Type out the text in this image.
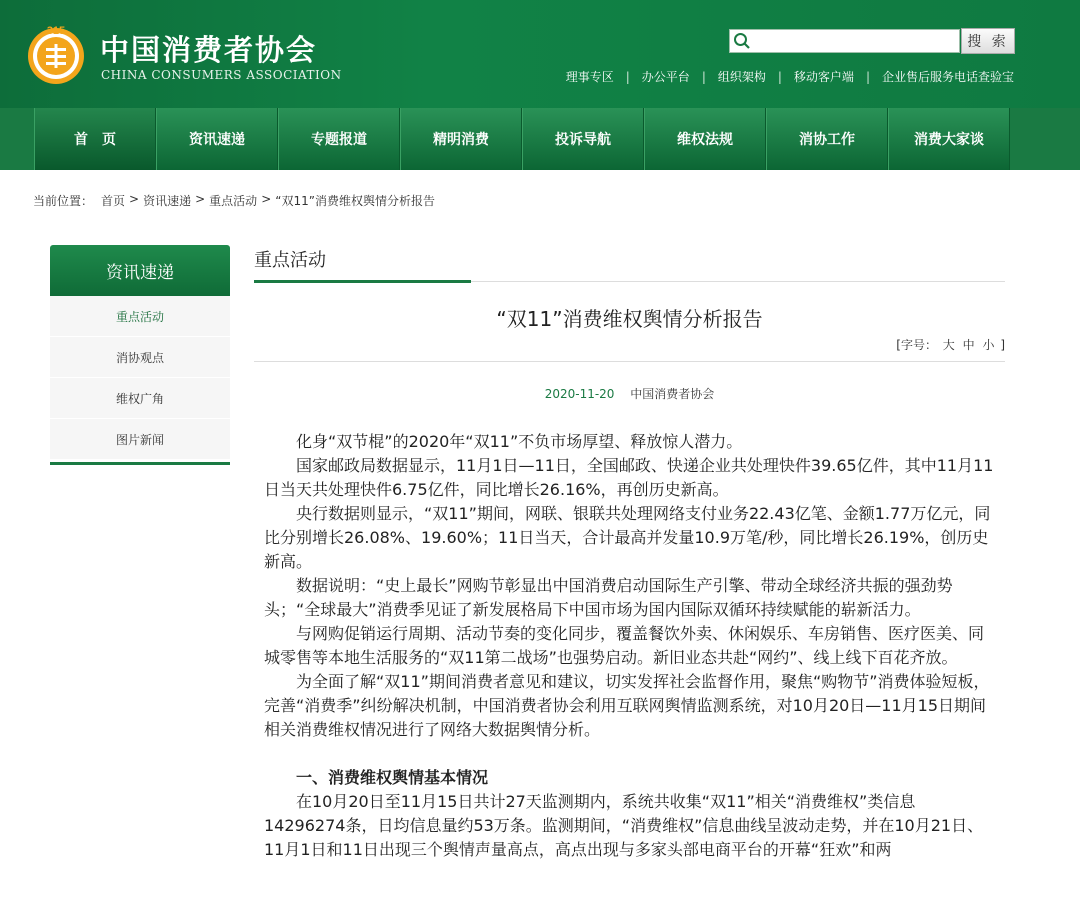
315
中国消费者协会
CHINA CONSUMERS ASSOCIATION
搜 索
理事专区 | 办公平台 | 组织架构 | 移动客户端 | 企业售后服务电话查验宝
首页	资讯速递	专题报道	精明消费	投诉导航	维权法规	消协工作	消费大家谈
当前位置： 首页 > 资讯速递 > 重点活动 > “双11”消费维权舆情分析报告
资讯速递
重点活动
消协观点
维权广角
图片新闻
重点活动
“双11”消费维权舆情分析报告
[字号： 大 中 小 ]
2020-11-20 中国消费者协会

化身“双节棍”的2020年“双11”不负市场厚望、释放惊人潜力。

国家邮政局数据显示，11月1日—11日，全国邮政、快递企业共处理快件39.65亿件，其中11月11日当天共处理快件6.75亿件，同比增长26.16%，再创历史新高。

央行数据则显示，“双11”期间，网联、银联共处理网络支付业务22.43亿笔、金额1.77万亿元，同比分别增长26.08%、19.60%；11日当天，合计最高并发量10.9万笔/秒，同比增长26.19%，创历史新高。

数据说明：“史上最长”网购节彰显出中国消费启动国际生产引擎、带动全球经济共振的强劲势头；“全球最大”消费季见证了新发展格局下中国市场为国内国际双循环持续赋能的崭新活力。

与网购促销运行周期、活动节奏的变化同步，覆盖餐饮外卖、休闲娱乐、车房销售、医疗医美、同城零售等本地生活服务的“双11第二战场”也强势启动。新旧业态共赴“网约”、线上线下百花齐放。

为全面了解“双11”期间消费者意见和建议，切实发挥社会监督作用，聚焦“购物节”消费体验短板，完善“消费季”纠纷解决机制，中国消费者协会利用互联网舆情监测系统，对10月20日—11月15日期间相关消费维权情况进行了网络大数据舆情分析。

一、消费维权舆情基本情况

在10月20日至11月15日共计27天监测期内，系统共收集“双11”相关“消费维权”类信息14296274条，日均信息量约53万条。监测期间，“消费维权”信息曲线呈波动走势，并在10月21日、11月1日和11日出现三个舆情声量高点，高点出现与多家头部电商平台的开幕“狂欢”和两
